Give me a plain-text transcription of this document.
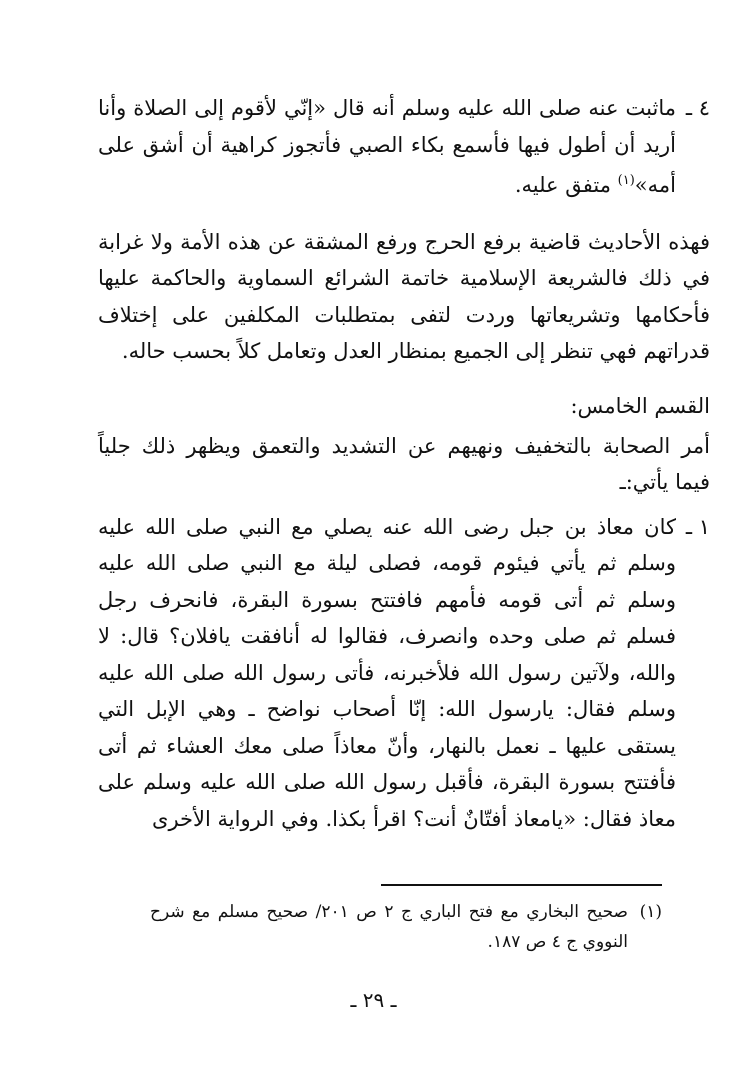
٤ ـ
ماثبت عنه صلى الله عليه وسلم أنه قال «إنّي لأقوم إلى الصلاة وأنا أريد أن أطول فيها فأسمع بكاء الصبي فأتجوز كراهية أن أشق على أمه»$^{(١)}$ متفق عليه.

فهذه الأحاديث قاضية برفع الحرج ورفع المشقة عن هذه الأمة ولا غرابة في ذلك فالشريعة الإسلامية خاتمة الشرائع السماوية والحاكمة عليها فأحكامها وتشريعاتها وردت لتفى بمتطلبات المكلفين على إختلاف قدراتهم فهي تنظر إلى الجميع بمنظار العدل وتعامل كلاً بحسب حاله.

القسم الخامس:

أمر الصحابة بالتخفيف ونهيهم عن التشديد والتعمق ويظهر ذلك جلياً فيما يأتي:ـ

١ ـ
كان معاذ بن جبل رضى الله عنه يصلي مع النبي صلى الله عليه وسلم ثم يأتي فيئوم قومه، فصلى ليلة مع النبي صلى الله عليه وسلم ثم أتى قومه فأمهم فافتتح بسورة البقرة، فانحرف رجل فسلم ثم صلى وحده وانصرف، فقالوا له أنافقت يافلان؟ قال: لا والله، ولآتين رسول الله فلأخبرنه، فأتى رسول الله صلى الله عليه وسلم فقال: يارسول الله: إنّا أصحاب نواضح ـ وهي الإبل التي يستقى عليها ـ نعمل بالنهار، وأنّ معاذاً صلى معك العشاء ثم أتى فأفتتح بسورة البقرة، فأقبل رسول الله صلى الله عليه وسلم على معاذ فقال: «يامعاذ أفتّانٌ أنت؟ اقرأ بكذا. وفي الرواية الأخرى
(١)
صحيح البخاري مع فتح الباري ج ٢ ص ٢٠١/ صحيح مسلم مع شرح النووي ج ٤ ص ١٨٧.
ـ ٢٩ ـ
